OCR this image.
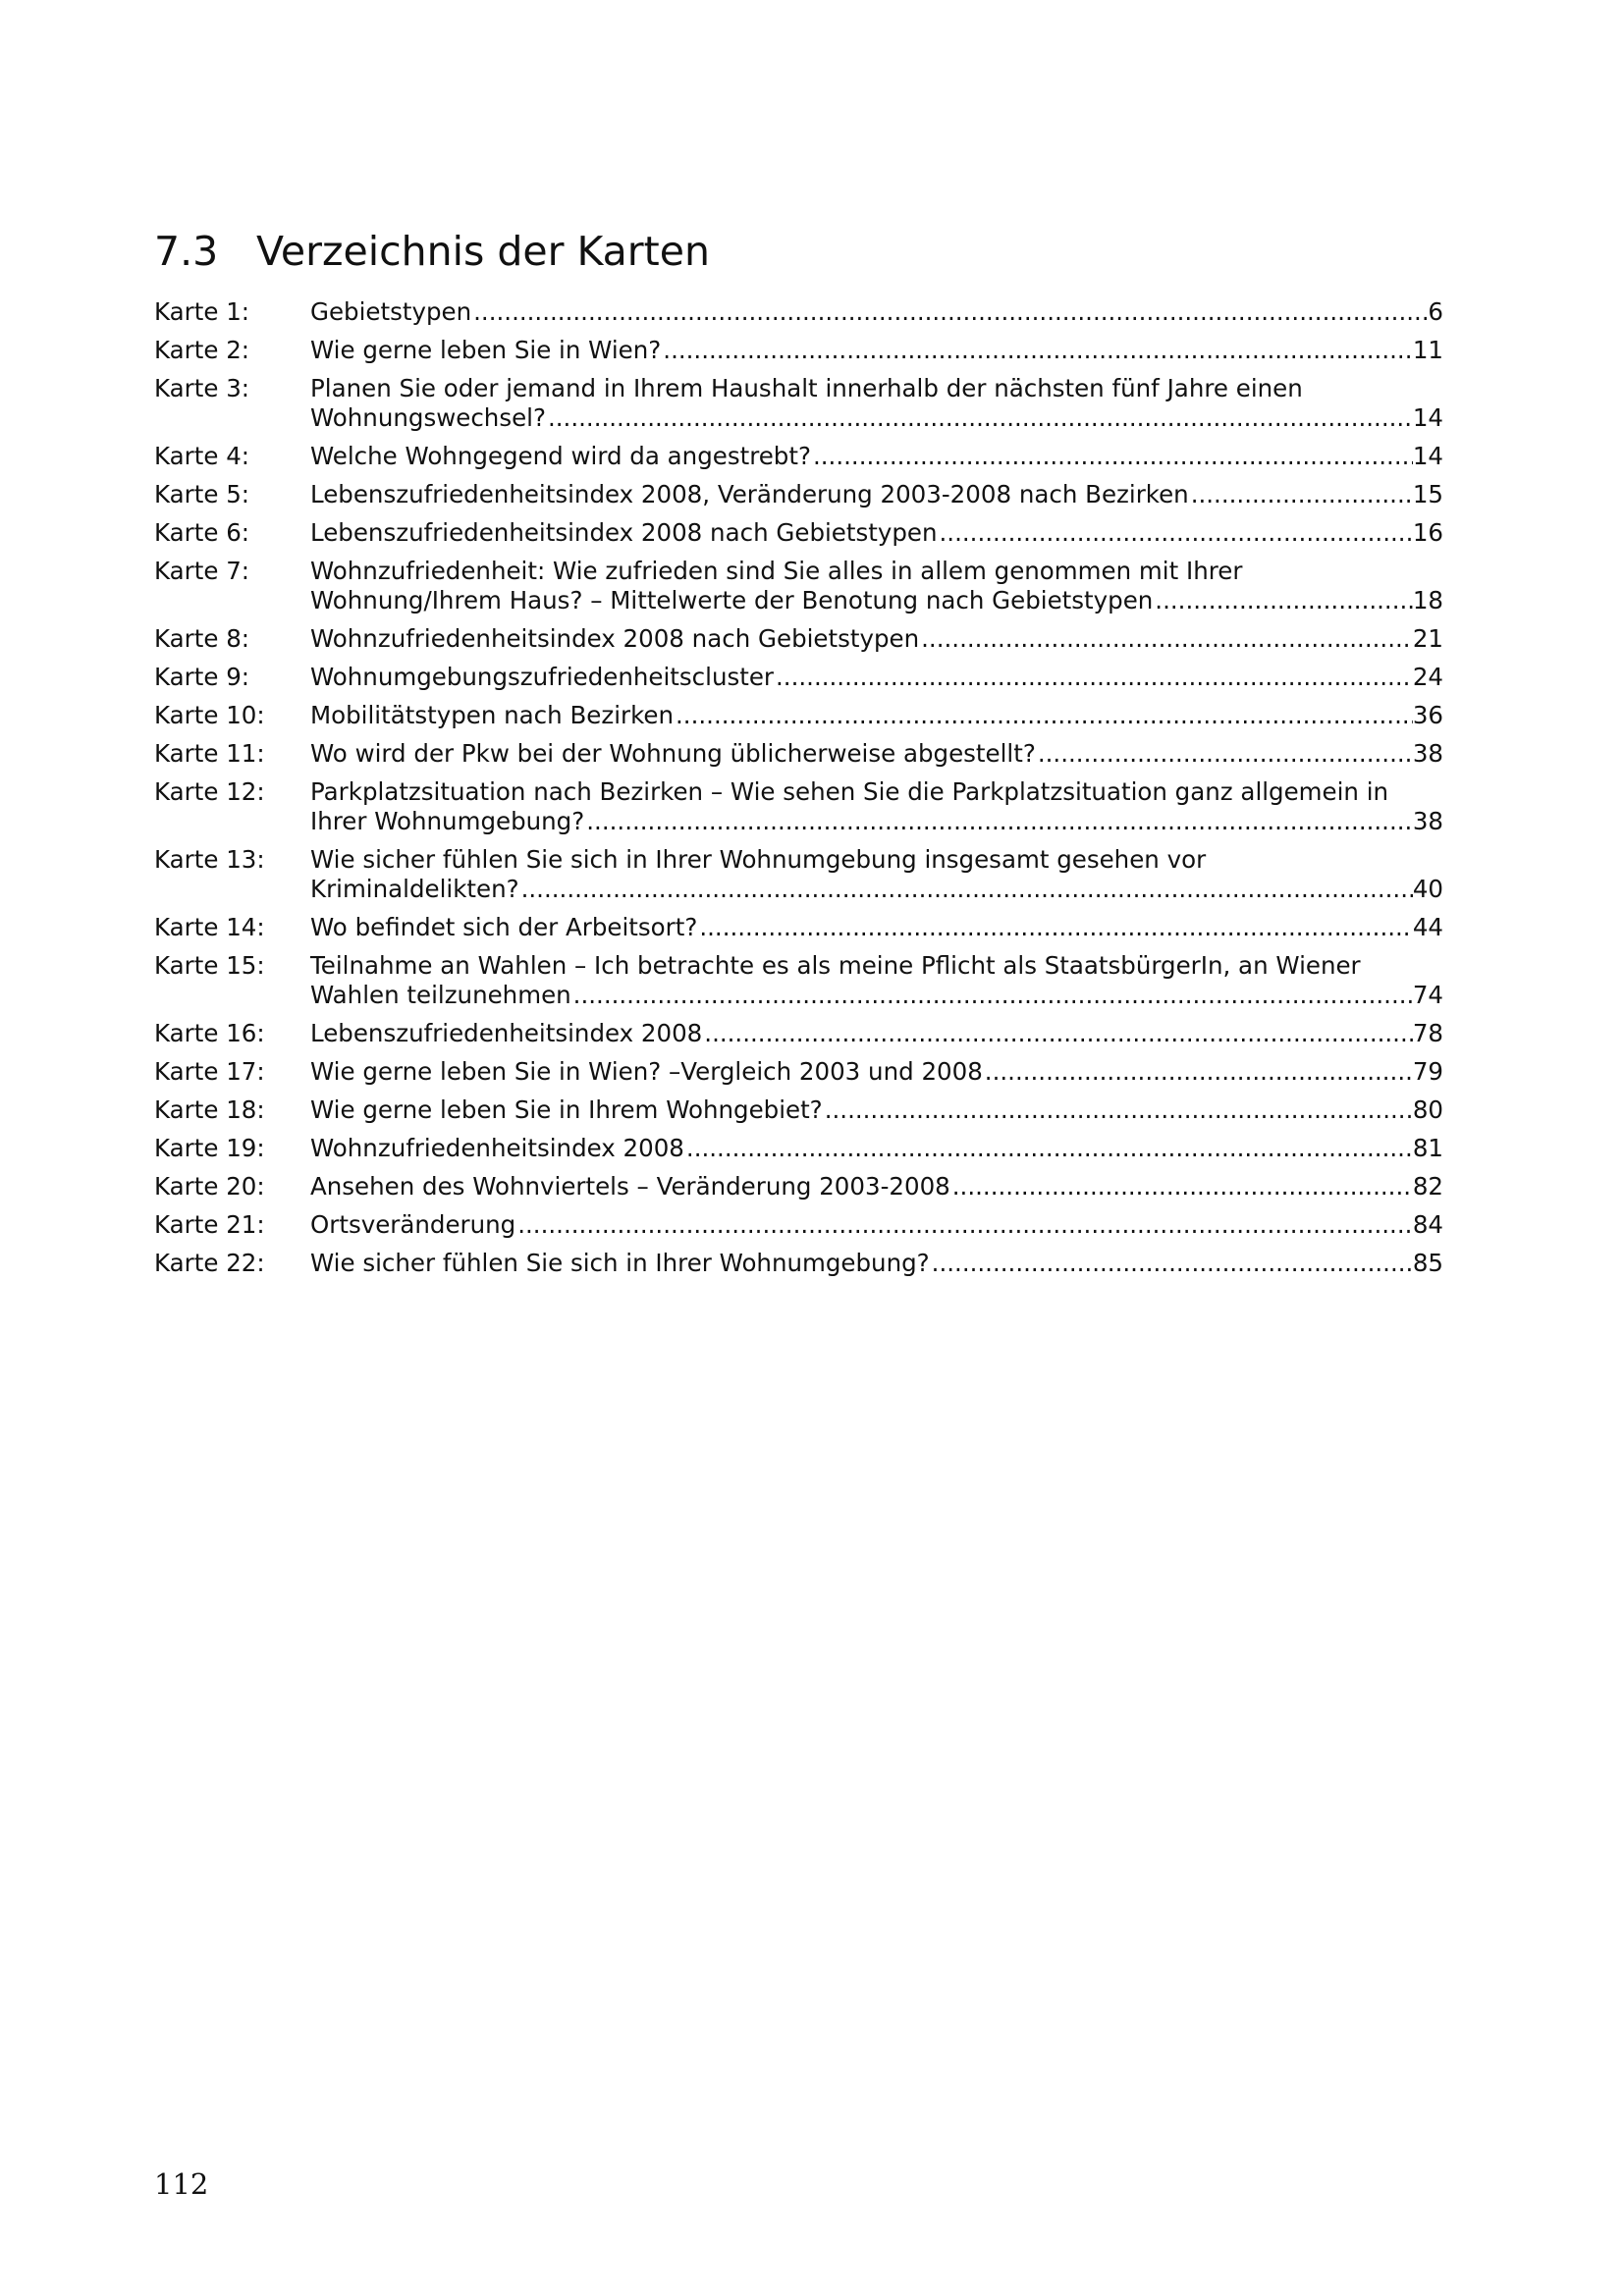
7.3 Verzeichnis der Karten
Karte 1:	Gebietstypen .....	6
Karte 2:	Wie gerne leben Sie in Wien? .....	11
Karte 3:	Planen Sie oder jemand in Ihrem Haushalt innerhalb der nächsten fünf Jahre einen
Wohnungswechsel? .....	14
Karte 4:	Welche Wohngegend wird da angestrebt? .....	14
Karte 5:	Lebenszufriedenheitsindex 2008, Veränderung 2003-2008 nach Bezirken .....	15
Karte 6:	Lebenszufriedenheitsindex 2008 nach Gebietstypen .....	16
Karte 7:	Wohnzufriedenheit: Wie zufrieden sind Sie alles in allem genommen mit Ihrer
Wohnung/Ihrem Haus? – Mittelwerte der Benotung nach Gebietstypen .....	18
Karte 8:	Wohnzufriedenheitsindex 2008 nach Gebietstypen .....	21
Karte 9:	Wohnumgebungszufriedenheitscluster .....	24
Karte 10:	Mobilitätstypen nach Bezirken .....	36
Karte 11:	Wo wird der Pkw bei der Wohnung üblicherweise abgestellt? .....	38
Karte 12:	Parkplatzsituation nach Bezirken – Wie sehen Sie die Parkplatzsituation ganz allgemein in
Ihrer Wohnumgebung? .....	38
Karte 13:	Wie sicher fühlen Sie sich in Ihrer Wohnumgebung insgesamt gesehen vor
Kriminaldelikten? .....	40
Karte 14:	Wo befindet sich der Arbeitsort? .....	44
Karte 15:	Teilnahme an Wahlen – Ich betrachte es als meine Pflicht als StaatsbürgerIn, an Wiener
Wahlen teilzunehmen .....	74
Karte 16:	Lebenszufriedenheitsindex 2008 .....	78
Karte 17:	Wie gerne leben Sie in Wien? –Vergleich 2003 und 2008 .....	79
Karte 18:	Wie gerne leben Sie in Ihrem Wohngebiet? .....	80
Karte 19:	Wohnzufriedenheitsindex 2008 .....	81
Karte 20:	Ansehen des Wohnviertels – Veränderung 2003-2008 .....	82
Karte 21:	Ortsveränderung .....	84
Karte 22:	Wie sicher fühlen Sie sich in Ihrer Wohnumgebung? .....	85
112
